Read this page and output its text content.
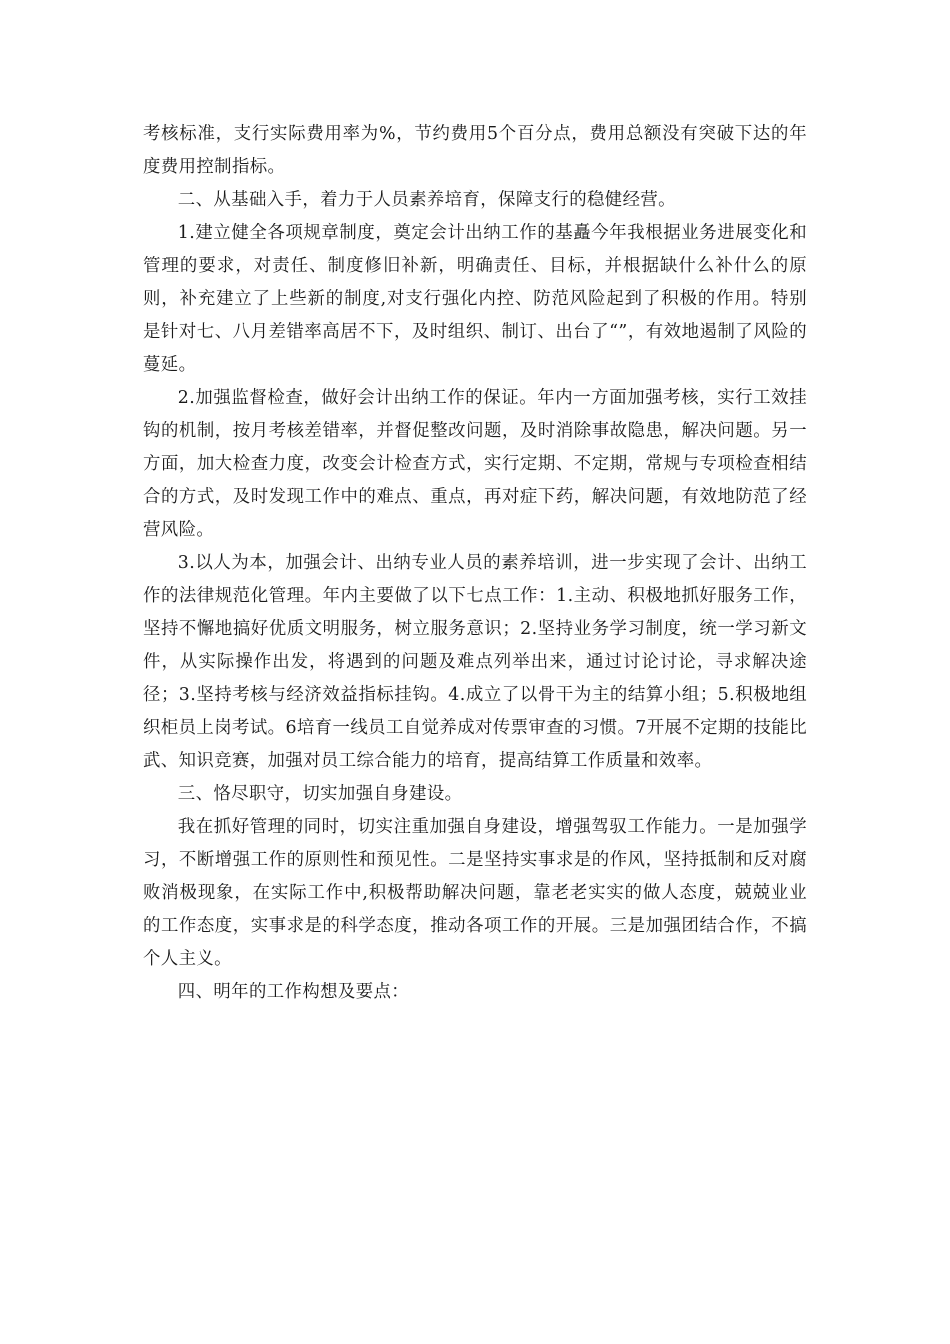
考核标准，支行实际费用率为%，节约费用5个百分点，费用总额没有突破下达的年度费用控制指标。

二、从基础入手，着力于人员素养培育，保障支行的稳健经营。

1.建立健全各项规章制度，奠定会计出纳工作的基矗今年我根据业务进展变化和管理的要求，对责任、制度修旧补新，明确责任、目标，并根据缺什么补什么的原则，补充建立了上些新的制度,对支行强化内控、防范风险起到了积极的作用。特别是针对七、八月差错率高居不下，及时组织、制订、出台了“”，有效地遏制了风险的蔓延。

2.加强监督检查，做好会计出纳工作的保证。年内一方面加强考核，实行工效挂钩的机制，按月考核差错率，并督促整改问题，及时消除事故隐患，解决问题。另一方面，加大检查力度，改变会计检查方式，实行定期、不定期，常规与专项检查相结合的方式，及时发现工作中的难点、重点，再对症下药，解决问题，有效地防范了经营风险。

3.以人为本，加强会计、出纳专业人员的素养培训，进一步实现了会计、出纳工作的法律规范化管理。年内主要做了以下七点工作：1.主动、积极地抓好服务工作，坚持不懈地搞好优质文明服务，树立服务意识；2.坚持业务学习制度，统一学习新文件，从实际操作出发，将遇到的问题及难点列举出来，通过讨论讨论，寻求解决途径；3.坚持考核与经济效益指标挂钩。4.成立了以骨干为主的结算小组；5.积极地组织柜员上岗考试。6培育一线员工自觉养成对传票审查的习惯。7开展不定期的技能比武、知识竞赛，加强对员工综合能力的培育，提高结算工作质量和效率。

三、恪尽职守，切实加强自身建设。

我在抓好管理的同时，切实注重加强自身建设，增强驾驭工作能力。一是加强学习，不断增强工作的原则性和预见性。二是坚持实事求是的作风，坚持抵制和反对腐败消极现象，在实际工作中,积极帮助解决问题，靠老老实实的做人态度，兢兢业业的工作态度，实事求是的科学态度，推动各项工作的开展。三是加强团结合作，不搞个人主义。

四、明年的工作构想及要点：
